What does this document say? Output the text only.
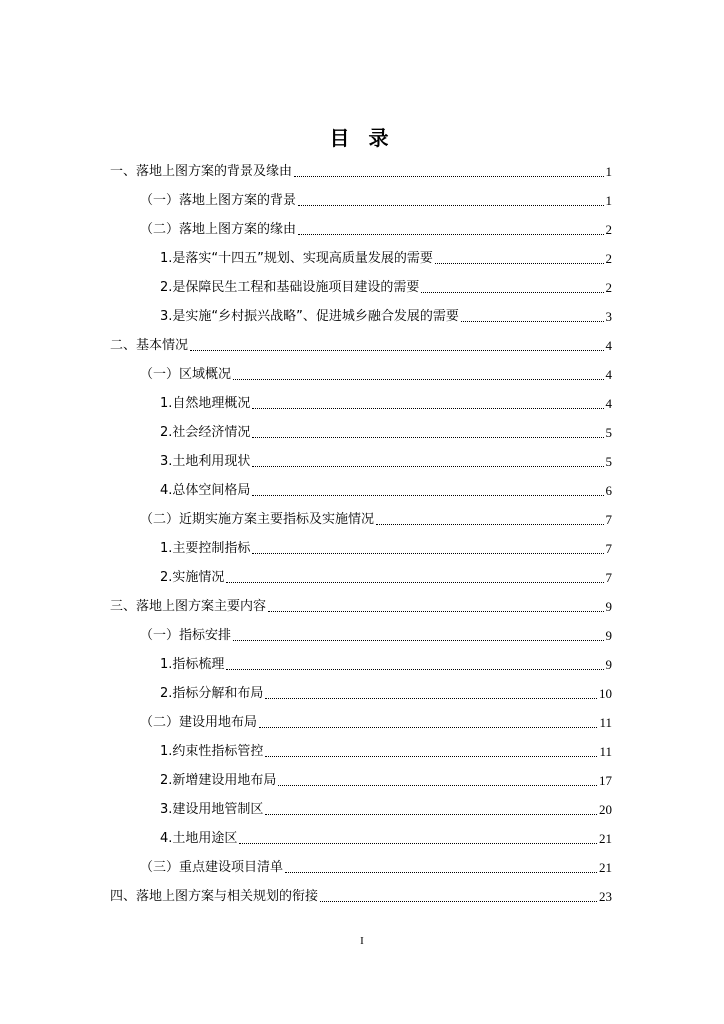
目 录
一、落地上图方案的背景及缘由	1
（一）落地上图方案的背景	1
（二）落地上图方案的缘由	2
1.是落实“十四五”规划、实现高质量发展的需要	2
2.是保障民生工程和基础设施项目建设的需要	2
3.是实施“乡村振兴战略”、促进城乡融合发展的需要	3
二、基本情况	4
（一）区域概况	4
1.自然地理概况	4
2.社会经济情况	5
3.土地利用现状	5
4.总体空间格局	6
（二）近期实施方案主要指标及实施情况	7
1.主要控制指标	7
2.实施情况	7
三、落地上图方案主要内容	9
（一）指标安排	9
1.指标梳理	9
2.指标分解和布局	10
（二）建设用地布局	11
1.约束性指标管控	11
2.新增建设用地布局	17
3.建设用地管制区	20
4.土地用途区	21
（三）重点建设项目清单	21
四、落地上图方案与相关规划的衔接	23
I
